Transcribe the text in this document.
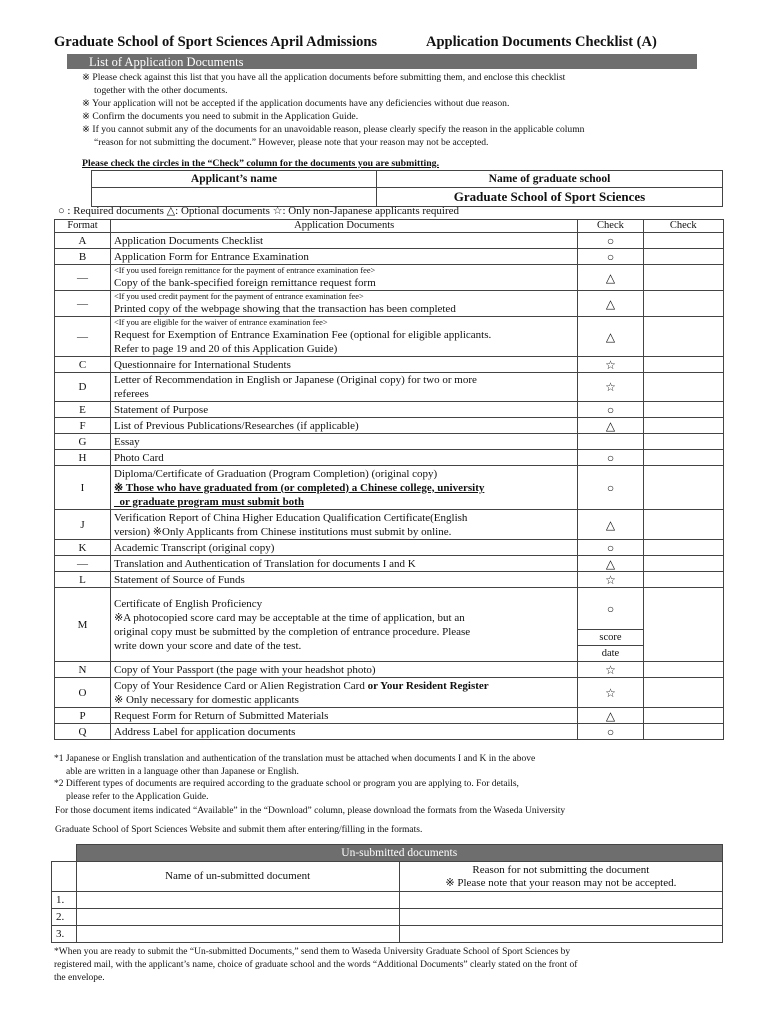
Graduate School of Sport Sciences April Admissions	Application Documents Checklist (A)
List of Application Documents
※ Please check against this list that you have all the application documents before submitting them, and enclose this checklist
together with the other documents.
※ Your application will not be accepted if the application documents have any deficiencies without due reason.
※ Confirm the documents you need to submit in the Application Guide.
※ If you cannot submit any of the documents for an unavoidable reason, please clearly specify the reason in the applicable column
“reason for not submitting the document.” However, please note that your reason may not be accepted.
Please check the circles in the “Check” column for the documents you are submitting.
Applicant’s name	Name of graduate school
	Graduate School of Sport Sciences
○ : Required documents △: Optional documents ☆: Only non-Japanese applicants required
Format	Application Documents	Check	Check
A	Application Documents Checklist	○	
B	Application Form for Entrance Examination	○	
―	<If you used foreign remittance for the payment of entrance examination fee>
Copy of the bank-specified foreign remittance request form	△	
―	<If you used credit payment for the payment of entrance examination fee>
Printed copy of the webpage showing that the transaction has been completed	△	
―	<If you are eligible for the waiver of entrance examination fee>
Request for Exemption of Entrance Examination Fee (optional for eligible applicants.
Refer to page 19 and 20 of this Application Guide)	△	
C	Questionnaire for International Students	☆	
D	Letter of Recommendation in English or Japanese (Original copy) for two or more
referees	☆	
E	Statement of Purpose	○	
F	List of Previous Publications/Researches (if applicable)	△	
G	Essay		
H	Photo Card	○	
I	Diploma/Certificate of Graduation (Program Completion) (original copy)
※ Those who have graduated from (or completed) a Chinese college, university
or graduate program must submit both	○	
J	Verification Report of China Higher Education Qualification Certificate(English
version) ※Only Applicants from Chinese institutions must submit by online.	△	
K	Academic Transcript (original copy)	○	
―	Translation and Authentication of Translation for documents I and K	△	
L	Statement of Source of Funds	☆	
M	Certificate of English Proficiency
※A photocopied score card may be acceptable at the time of application, but an
original copy must be submitted by the completion of entrance procedure. Please
write down your score and date of the test.	○	
		score	
		date	
N	Copy of Your Passport (the page with your headshot photo)	☆	
O	Copy of Your Residence Card or Alien Registration Card or Your Resident Register
※ Only necessary for domestic applicants	☆	
P	Request Form for Return of Submitted Materials	△	
Q	Address Label for application documents	○	
*1 Japanese or English translation and authentication of the translation must be attached when documents I and K in the above
able are written in a language other than Japanese or English.
*2 Different types of documents are required according to the graduate school or program you are applying to. For details,
please refer to the Application Guide.
For those document items indicated “Available” in the “Download” column, please download the formats from the Waseda University
Graduate School of Sport Sciences Website and submit them after entering/filling in the formats.
	Un-submitted documents	
	Name of un-submitted document	Reason for not submitting the document
※ Please note that your reason may not be accepted.

1.		
2.		
3.		
*When you are ready to submit the “Un-submitted Documents,” send them to Waseda University Graduate School of Sport Sciences by
registered mail, with the applicant’s name, choice of graduate school and the words “Additional Documents” clearly stated on the front of
the envelope.
